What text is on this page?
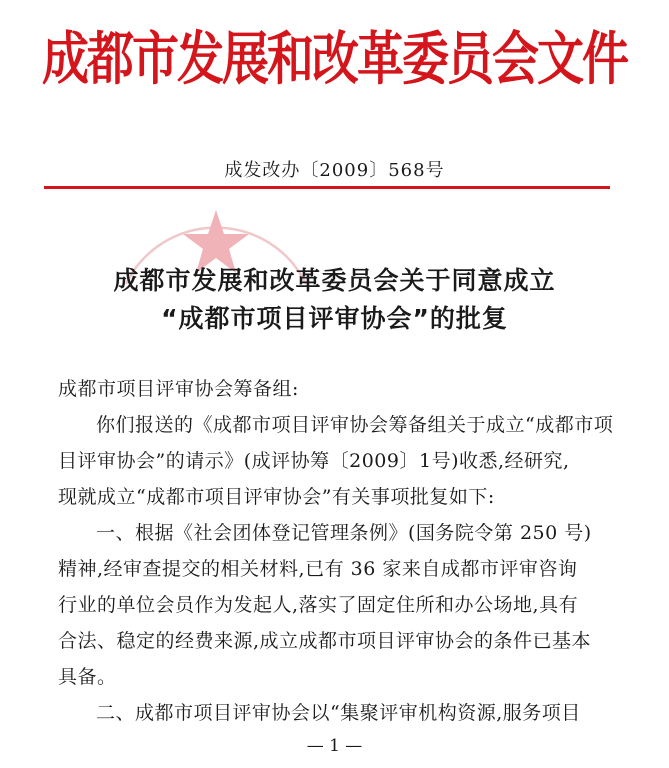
成都市发展和改革委员会文件
成发改办〔2009〕568号
成都市发展和改革委员会关于同意成立
“成都市项目评审协会”的批复
成都市项目评审协会筹备组:
你们报送的《成都市项目评审协会筹备组关于成立“成都市项
目评审协会”的请示》(成评协筹〔2009〕1号)收悉,经研究,
现就成立“成都市项目评审协会”有关事项批复如下:
一、根据《社会团体登记管理条例》(国务院令第 250 号)
精神,经审查提交的相关材料,已有 36 家来自成都市评审咨询
行业的单位会员作为发起人,落实了固定住所和办公场地,具有
合法、稳定的经费来源,成立成都市项目评审协会的条件已基本
具备。
二、成都市项目评审协会以“集聚评审机构资源,服务项目
— 1 —
